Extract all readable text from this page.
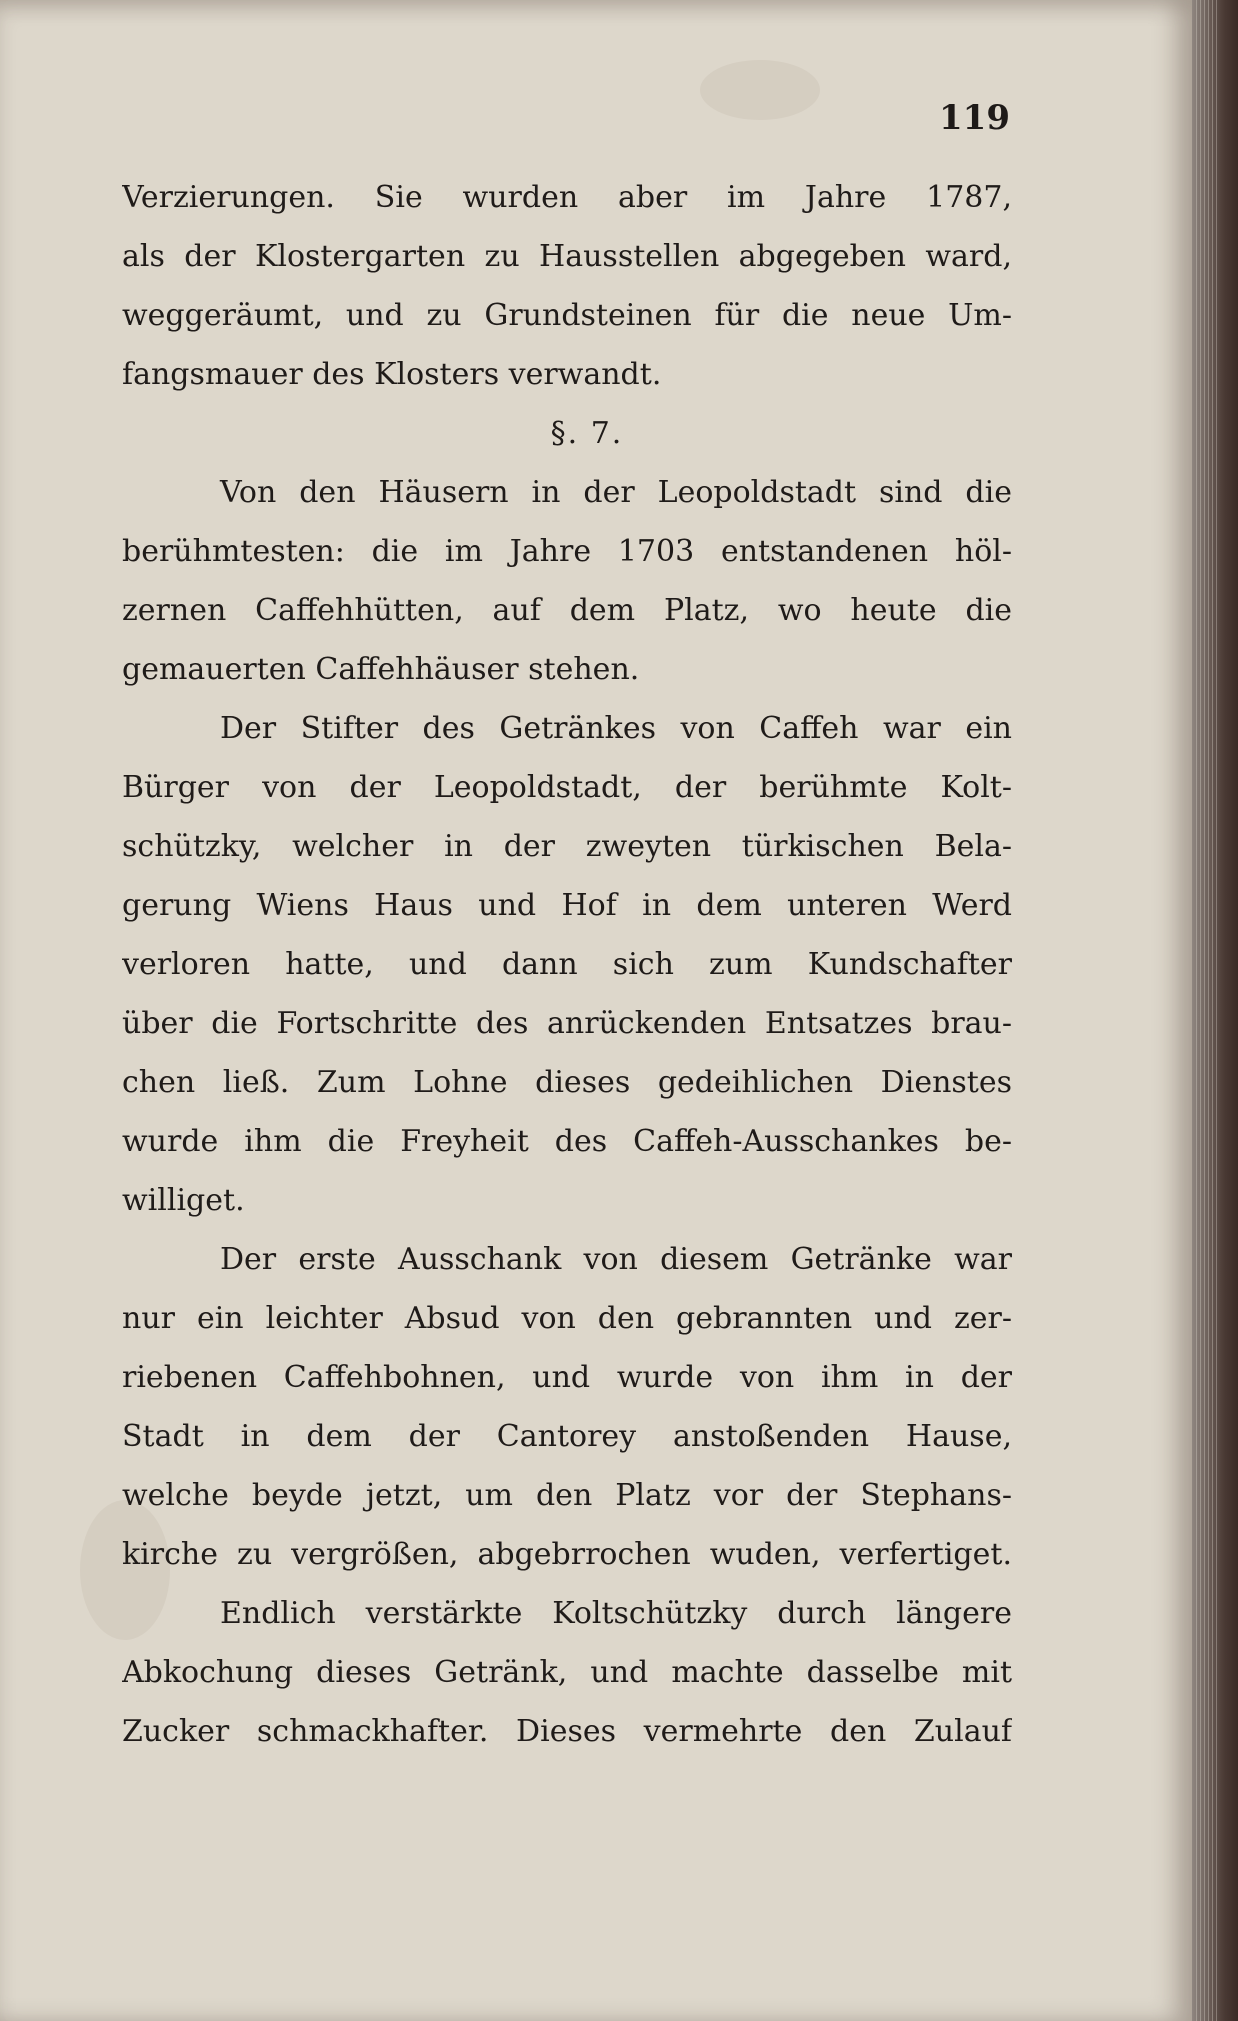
119
Verzierungen. Sie wurden aber im Jahre 1787,
als der Klostergarten zu Hausstellen abgegeben ward,
weggeräumt, und zu Grundsteinen für die neue Um-
fangsmauer des Klosters verwandt.
§. 7.
Von den Häusern in der Leopoldstadt sind die
berühmtesten: die im Jahre 1703 entstandenen höl-
zernen Caffehhütten, auf dem Platz, wo heute die
gemauerten Caffehhäuser stehen.
Der Stifter des Getränkes von Caffeh war ein
Bürger von der Leopoldstadt, der berühmte Kolt-
schützky, welcher in der zweyten türkischen Bela-
gerung Wiens Haus und Hof in dem unteren Werd
verloren hatte, und dann sich zum Kundschafter
über die Fortschritte des anrückenden Entsatzes brau-
chen ließ. Zum Lohne dieses gedeihlichen Dienstes
wurde ihm die Freyheit des Caffeh-Ausschankes be-
williget.
Der erste Ausschank von diesem Getränke war
nur ein leichter Absud von den gebrannten und zer-
riebenen Caffehbohnen, und wurde von ihm in der
Stadt in dem der Cantorey anstoßenden Hause,
welche beyde jetzt, um den Platz vor der Stephans-
kirche zu vergrößen, abgebrrochen wuden, verfertiget.
Endlich verstärkte Koltschützky durch längere
Abkochung dieses Getränk, und machte dasselbe mit
Zucker schmackhafter. Dieses vermehrte den Zulauf
